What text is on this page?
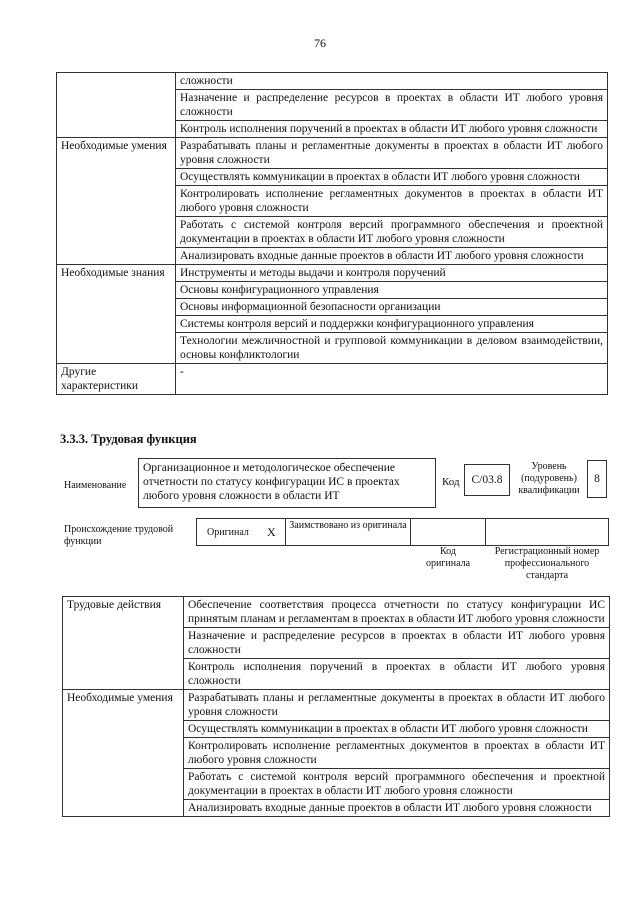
76
	сложности
	Назначение и распределение ресурсов в проектах в области ИТ любого уровня сложности
	Контроль исполнения поручений в проектах в области ИТ любого уровня сложности
Необходимые умения	Разрабатывать планы и регламентные документы в проектах в области ИТ любого уровня сложности
	Осуществлять коммуникации в проектах в области ИТ любого уровня сложности
	Контролировать исполнение регламентных документов в проектах в области ИТ любого уровня сложности
	Работать с системой контроля версий программного обеспечения и проектной документации в проектах в области ИТ любого уровня сложности
	Анализировать входные данные проектов в области ИТ любого уровня сложности
Необходимые знания	Инструменты и методы выдачи и контроля поручений
	Основы конфигурационного управления
	Основы информационной безопасности организации
	Системы контроля версий и поддержки конфигурационного управления
	Технологии межличностной и групповой коммуникации в деловом взаимодействии, основы конфликтологии
Другие характеристики	-
3.3.3. Трудовая функция
Наименование
Организационное и методологическое обеспечение отчетности по статусу конфигурации ИС в проектах любого уровня сложности в области ИТ
Код	С/03.8
Уровень (подуровень) квалификации
8
Происхождение трудовой функции
Оригинал X	Заимствовано из оригинала
Код оригинала
Регистрационный номер профессионального стандарта
Трудовые действия	Обеспечение соответствия процесса отчетности по статусу конфигурации ИС принятым планам и регламентам в проектах в области ИТ любого уровня сложности
	Назначение и распределение ресурсов в проектах в области ИТ любого уровня сложности
	Контроль исполнения поручений в проектах в области ИТ любого уровня сложности
Необходимые умения	Разрабатывать планы и регламентные документы в проектах в области ИТ любого уровня сложности
	Осуществлять коммуникации в проектах в области ИТ любого уровня сложности
	Контролировать исполнение регламентных документов в проектах в области ИТ любого уровня сложности
	Работать с системой контроля версий программного обеспечения и проектной документации в проектах в области ИТ любого уровня сложности
	Анализировать входные данные проектов в области ИТ любого уровня сложности
